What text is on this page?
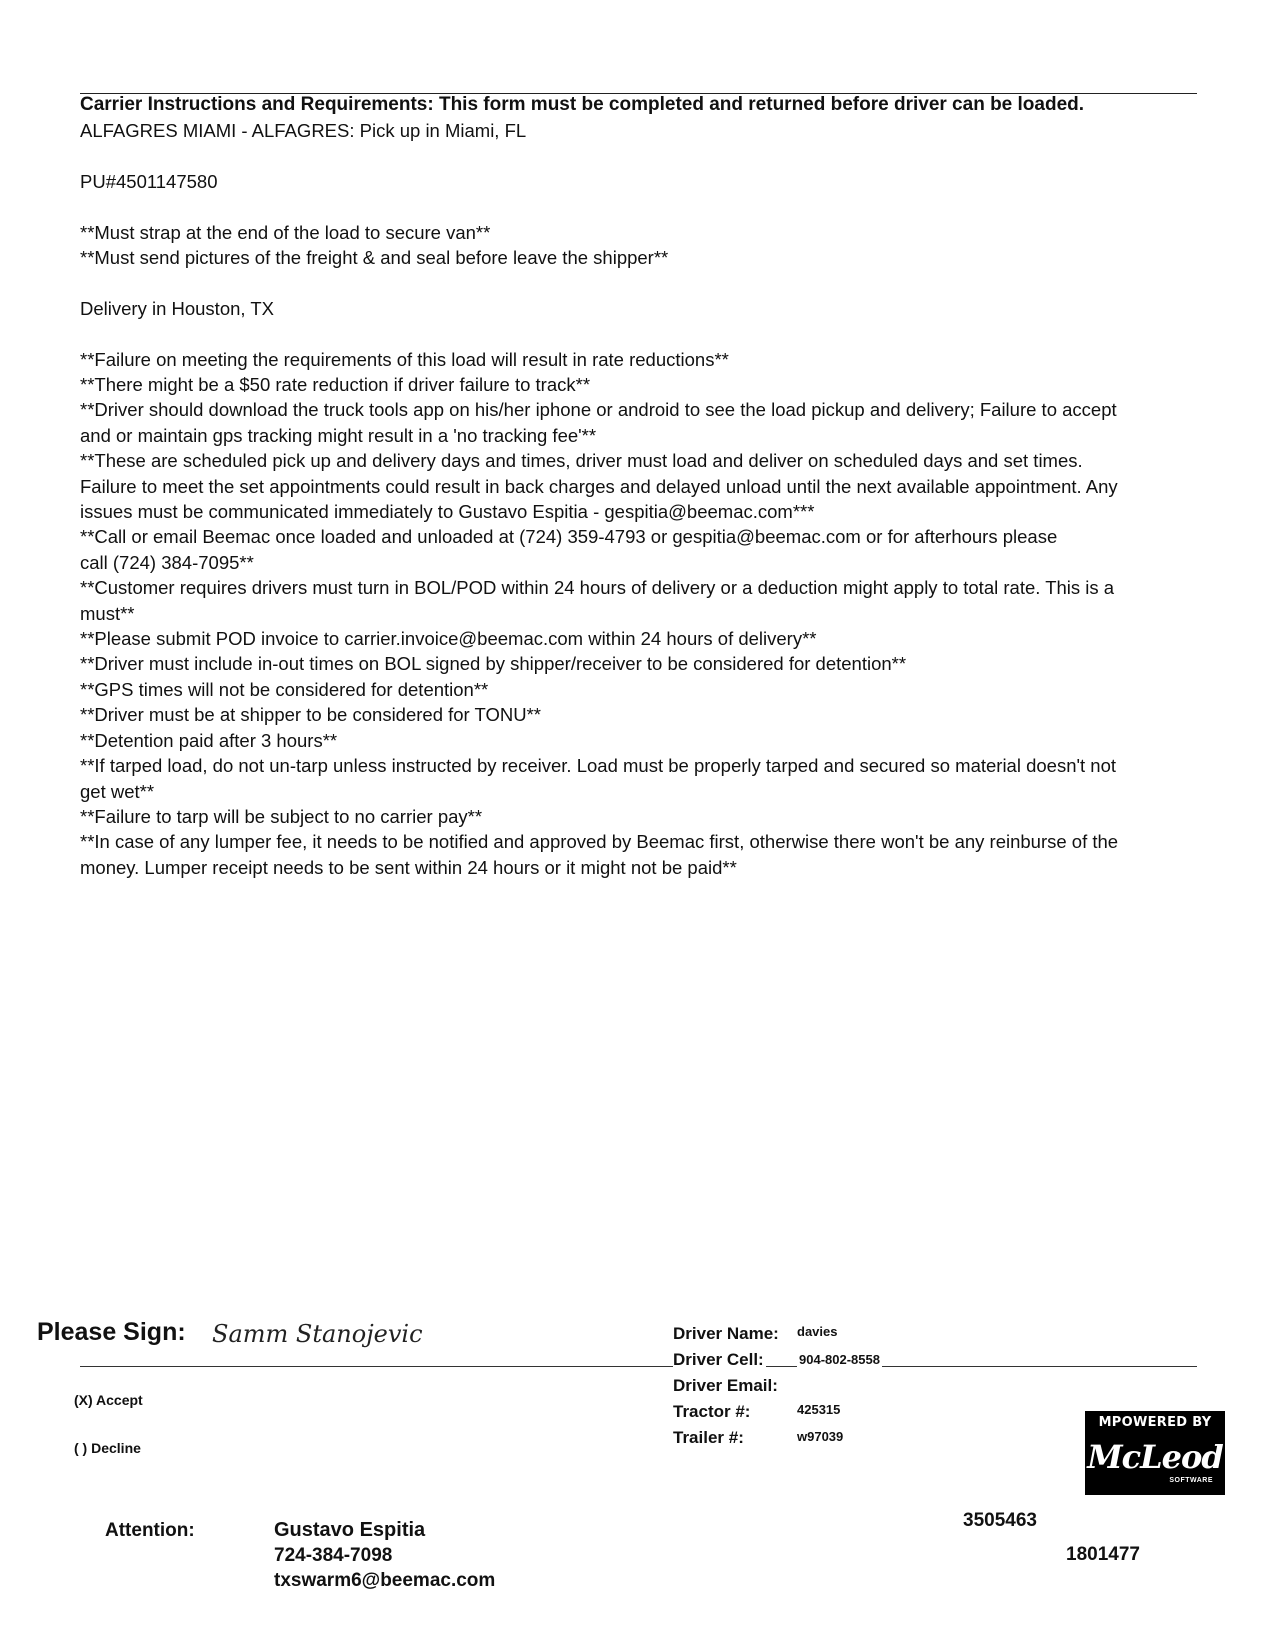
Carrier Instructions and Requirements: This form must be completed and returned before driver can be loaded.

ALFAGRES MIAMI - ALFAGRES: Pick up in Miami, FL

PU#4501147580

**Must strap at the end of the load to secure van**

**Must send pictures of the freight & and seal before leave the shipper**

Delivery in Houston, TX

**Failure on meeting the requirements of this load will result in rate reductions**

**There might be a $50 rate reduction if driver failure to track**

**Driver should download the truck tools app on his/her iphone or android to see the load pickup and delivery; Failure to accept and or maintain gps tracking might result in a 'no tracking fee'**

**These are scheduled pick up and delivery days and times, driver must load and deliver on scheduled days and set times. Failure to meet the set appointments could result in back charges and delayed unload until the next available appointment. Any issues must be communicated immediately to Gustavo Espitia - gespitia@beemac.com***

**Call or email Beemac once loaded and unloaded at (724) 359-4793 or gespitia@beemac.com or for afterhours please call (724) 384-7095**

**Customer requires drivers must turn in BOL/POD within 24 hours of delivery or a deduction might apply to total rate. This is a must**

**Please submit POD invoice to carrier.invoice@beemac.com within 24 hours of delivery**

**Driver must include in-out times on BOL signed by shipper/receiver to be considered for detention**

**GPS times will not be considered for detention**

**Driver must be at shipper to be considered for TONU**

**Detention paid after 3 hours**

**If tarped load, do not un-tarp unless instructed by receiver. Load must be properly tarped and secured so material doesn't not get wet**

**Failure to tarp will be subject to no carrier pay**

**In case of any lumper fee, it needs to be notified and approved by Beemac first, otherwise there won't be any reinburse of the money. Lumper receipt needs to be sent within 24 hours or it might not be paid**

Please Sign: Samm Stanojevic
(X) Accept
( ) Decline
Driver Name: davies
Driver Cell:	904-802-8558
Driver Email:
Tractor #:	425315
Trailer #:	w97039
MPOWERED BY
McLeod
SOFTWARE
Attention:	Gustavo Espitia
724-384-7098
txswarm6@beemac.com
3505463
1801477
